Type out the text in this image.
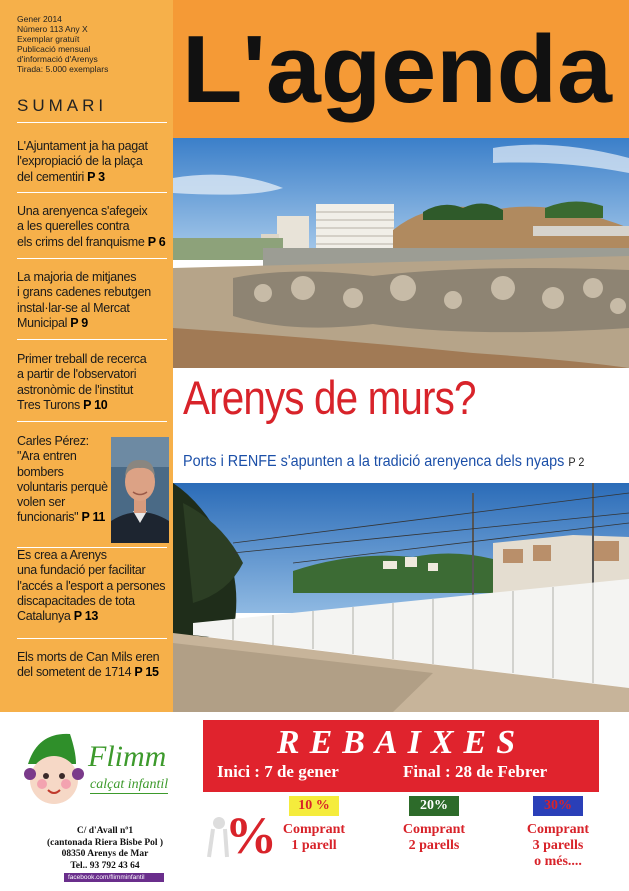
Gener 2014
Número 113 Any X
Exemplar gratuït
Publicació mensual
d'informació d'Arenys
Tirada: 5.000 exemplars
SUMARI
L'Ajuntament ja ha pagat
l'expropiació de la plaça
del cementiri P 3
Una arenyenca s'afegeix
a les querelles contra
els crims del franquisme P 6
La majoria de mitjanes
i grans cadenes rebutgen
instal·lar-se al Mercat
Municipal P 9
Primer treball de recerca
a partir de l'observatori
astronòmic de l'institut
Tres Turons P 10
Carles Pérez:
"Ara entren
bombers
voluntaris perquè
volen ser
funcionaris" P 11
Es crea a Arenys
una fundació per facilitar
l'accés a l'esport a persones
discapacitades de tota
Catalunya P 13
Els morts de Can Mils eren
del sometent de 1714 P 15
L'agenda
Arenys de murs?
Ports i RENFE s'apunten a la tradició arenyenca dels nyaps P 2
Flimm
calçat infantil
C/ d'Avall nº1
(cantonada Riera Bisbe Pol )
08350 Arenys de Mar
Tel.. 93 792 43 64
facebook.com/flimminfantil
REBAIXES
Inici : 7 de gener	Final : 28 de Febrer
%
10 %
Comprant
1 parell
20%
Comprant
2 parells
30%
Comprant
3 parells
o més....
